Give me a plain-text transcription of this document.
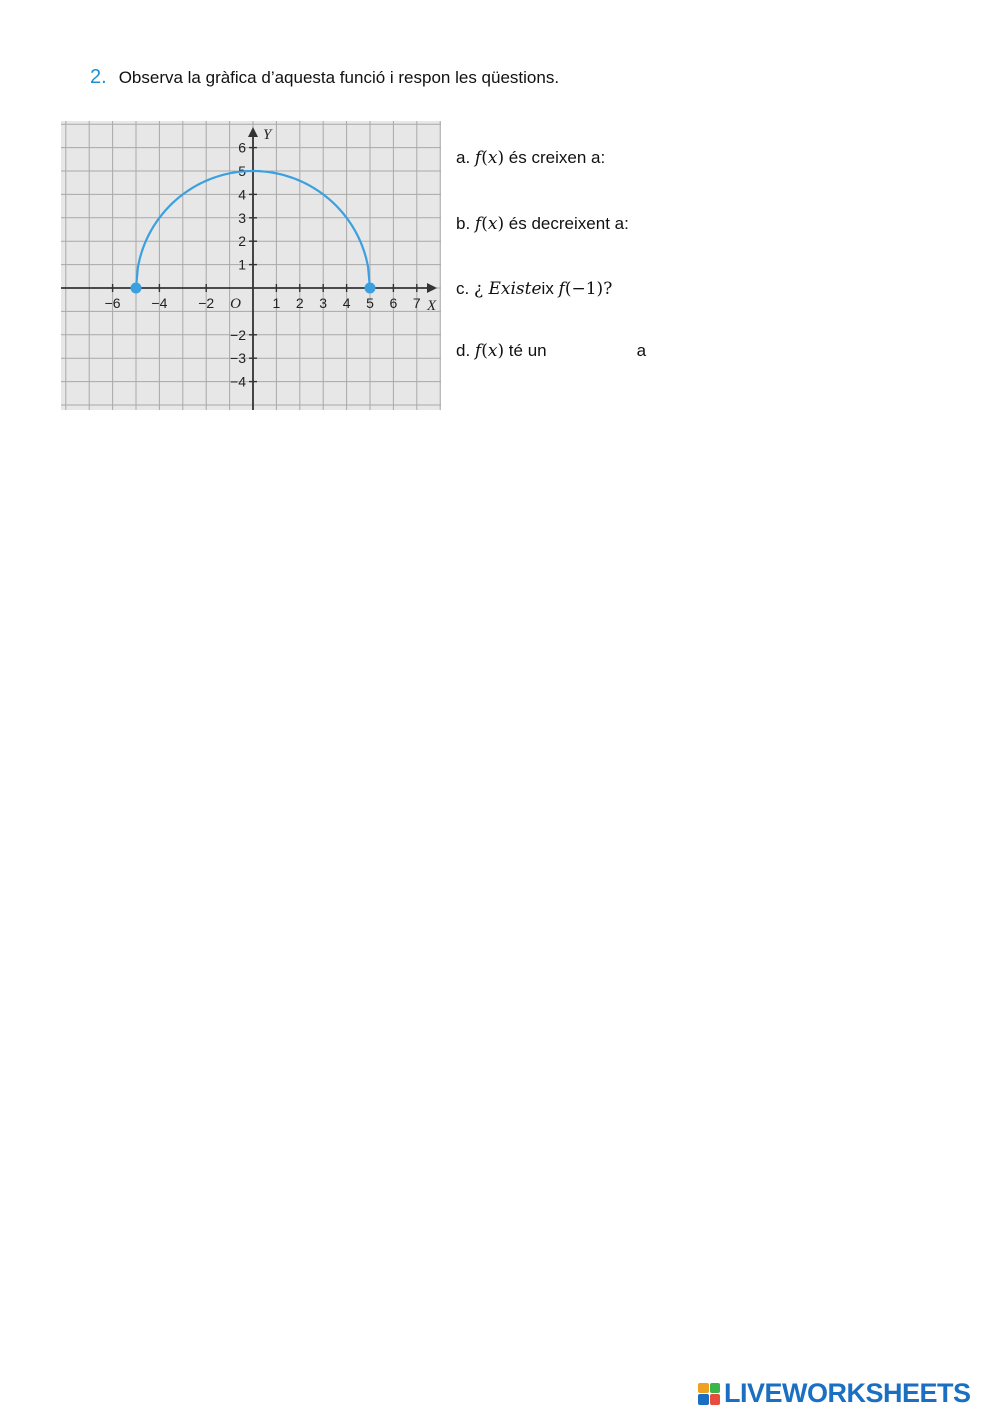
2. Observa la gràfica d’aquesta funció i respon les qüestions.
−6 −4 −2	1 2 3 4 5 6 7
6
5
4
3
2
1
−2
−3
−4
X
Y
O
a. f(x) és creixen a:
b. f(x) és decreixent a:
c. ¿ Existeix f(−1)?
d. f(x) té un	a
LIVEWORKSHEETS
